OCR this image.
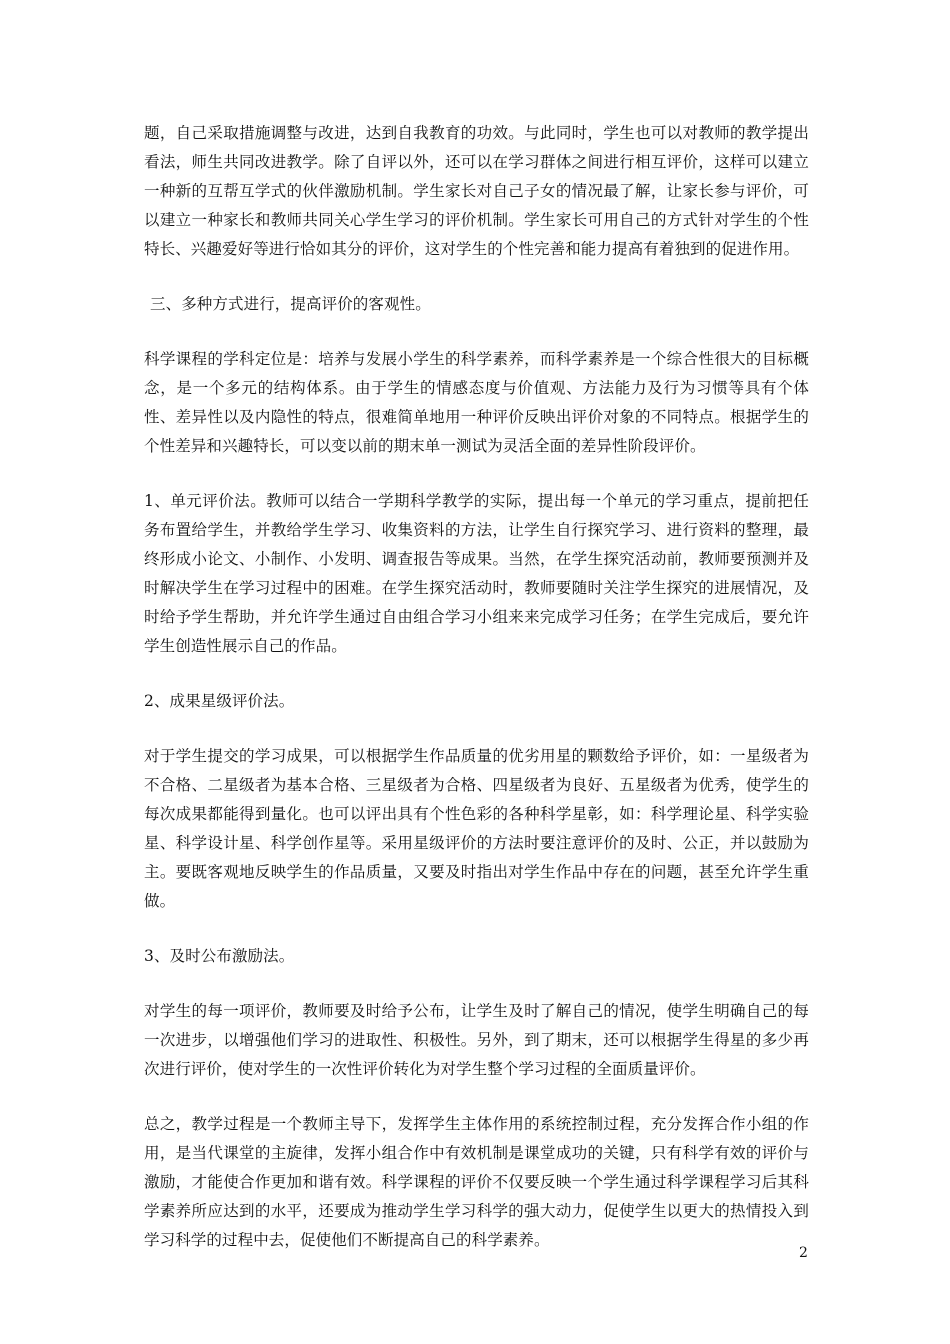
题，自己采取措施调整与改进，达到自我教育的功效。与此同时，学生也可以对教师的教学提出看法，师生共同改进教学。除了自评以外，还可以在学习群体之间进行相互评价，这样可以建立一种新的互帮互学式的伙伴激励机制。学生家长对自己子女的情况最了解，让家长参与评价，可以建立一种家长和教师共同关心学生学习的评价机制。学生家长可用自己的方式针对学生的个性特长、兴趣爱好等进行恰如其分的评价，这对学生的个性完善和能力提高有着独到的促进作用。

三、多种方式进行，提高评价的客观性。

科学课程的学科定位是：培养与发展小学生的科学素养，而科学素养是一个综合性很大的目标概念，是一个多元的结构体系。由于学生的情感态度与价值观、方法能力及行为习惯等具有个体性、差异性以及内隐性的特点，很难简单地用一种评价反映出评价对象的不同特点。根据学生的个性差异和兴趣特长，可以变以前的期末单一测试为灵活全面的差异性阶段评价。

1、单元评价法。教师可以结合一学期科学教学的实际，提出每一个单元的学习重点，提前把任务布置给学生，并教给学生学习、收集资料的方法，让学生自行探究学习、进行资料的整理，最终形成小论文、小制作、小发明、调查报告等成果。当然，在学生探究活动前，教师要预测并及时解决学生在学习过程中的困难。在学生探究活动时，教师要随时关注学生探究的进展情况，及时给予学生帮助，并允许学生通过自由组合学习小组来来完成学习任务；在学生完成后，要允许学生创造性展示自己的作品。

2、成果星级评价法。

对于学生提交的学习成果，可以根据学生作品质量的优劣用星的颗数给予评价，如：一星级者为不合格、二星级者为基本合格、三星级者为合格、四星级者为良好、五星级者为优秀，使学生的每次成果都能得到量化。也可以评出具有个性色彩的各种科学星彰，如：科学理论星、科学实验星、科学设计星、科学创作星等。采用星级评价的方法时要注意评价的及时、公正，并以鼓励为主。要既客观地反映学生的作品质量，又要及时指出对学生作品中存在的问题，甚至允许学生重做。

3、及时公布激励法。

对学生的每一项评价，教师要及时给予公布，让学生及时了解自己的情况，使学生明确自己的每一次进步，以增强他们学习的进取性、积极性。另外，到了期末，还可以根据学生得星的多少再次进行评价，使对学生的一次性评价转化为对学生整个学习过程的全面质量评价。

总之，教学过程是一个教师主导下，发挥学生主体作用的系统控制过程，充分发挥合作小组的作用，是当代课堂的主旋律，发挥小组合作中有效机制是课堂成功的关键，只有科学有效的评价与激励，才能使合作更加和谐有效。科学课程的评价不仅要反映一个学生通过科学课程学习后其科学素养所应达到的水平，还要成为推动学生学习科学的强大动力，促使学生以更大的热情投入到学习科学的过程中去，促使他们不断提高自己的科学素养。

2
